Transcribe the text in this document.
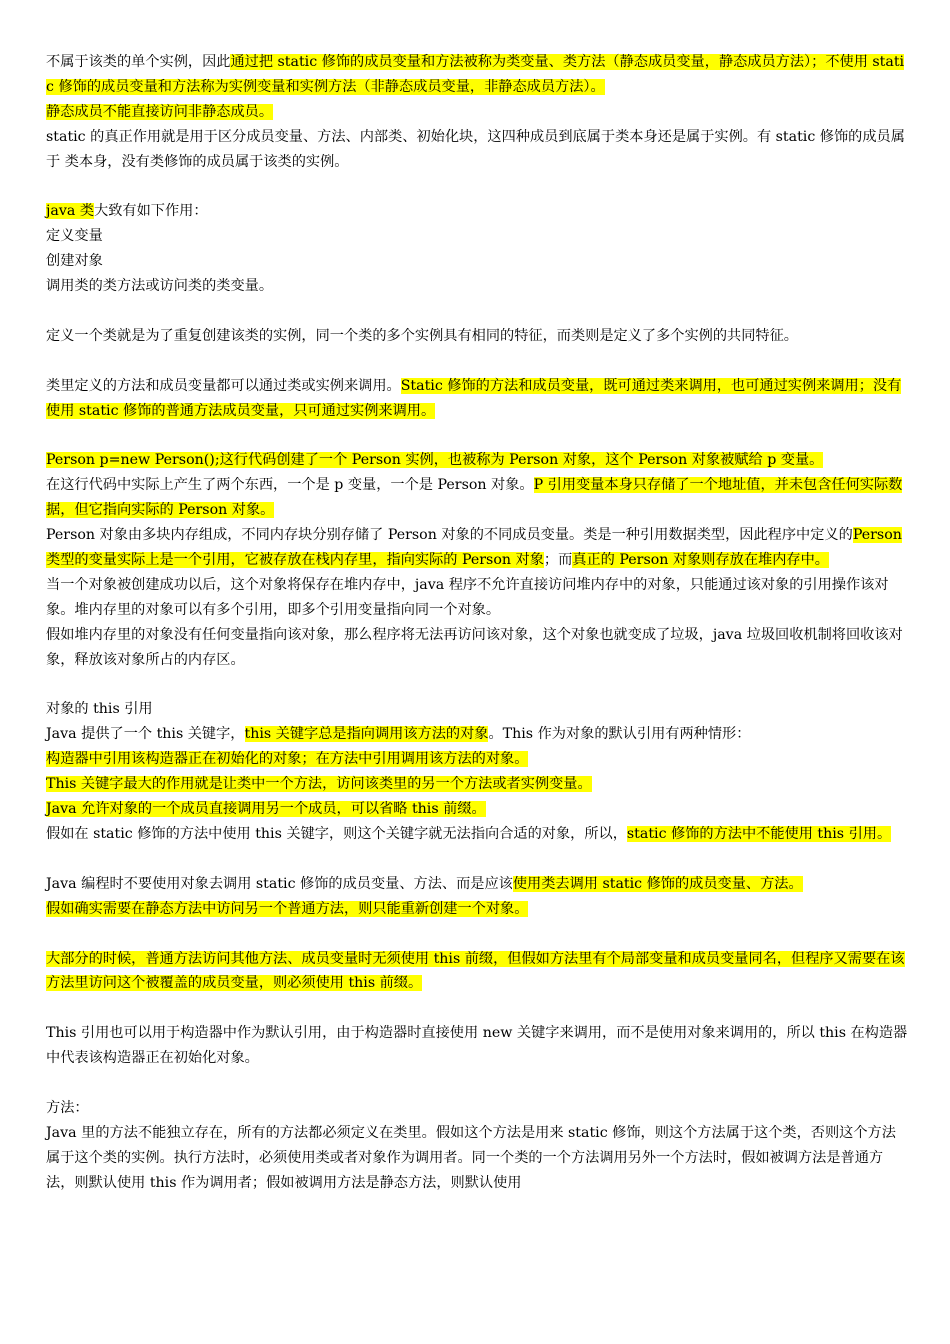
不属于该类的单个实例，因此通过把 static 修饰的成员变量和方法被称为类变量、类方法（静态成员变量，静态成员方法）；不使用 static 修饰的成员变量和方法称为实例变量和实例方法（非静态成员变量，非静态成员方法）。
静态成员不能直接访问非静态成员。
static 的真正作用就是用于区分成员变量、方法、内部类、初始化块，这四种成员到底属于类本身还是属于实例。有 static 修饰的成员属于 类本身，没有类修饰的成员属于该类的实例。
java 类大致有如下作用：
定义变量
创建对象
调用类的类方法或访问类的类变量。
定义一个类就是为了重复创建该类的实例，同一个类的多个实例具有相同的特征，而类则是定义了多个实例的共同特征。
类里定义的方法和成员变量都可以通过类或实例来调用。Static 修饰的方法和成员变量，既可通过类来调用，也可通过实例来调用；没有使用 static 修饰的普通方法成员变量，只可通过实例来调用。
Person p=new Person();这行代码创建了一个 Person 实例，也被称为 Person 对象，这个 Person 对象被赋给 p 变量。
在这行代码中实际上产生了两个东西，一个是 p 变量，一个是 Person 对象。P 引用变量本身只存储了一个地址值，并未包含任何实际数据，但它指向实际的 Person 对象。
Person 对象由多块内存组成，不同内存块分别存储了 Person 对象的不同成员变量。类是一种引用数据类型，因此程序中定义的Person 类型的变量实际上是一个引用，它被存放在栈内存里，指向实际的 Person 对象；而真正的 Person 对象则存放在堆内存中。
当一个对象被创建成功以后，这个对象将保存在堆内存中，java 程序不允许直接访问堆内存中的对象，只能通过该对象的引用操作该对象。堆内存里的对象可以有多个引用，即多个引用变量指向同一个对象。
假如堆内存里的对象没有任何变量指向该对象，那么程序将无法再访问该对象，这个对象也就变成了垃圾，java 垃圾回收机制将回收该对象，释放该对象所占的内存区。
对象的 this 引用
Java 提供了一个 this 关键字，this 关键字总是指向调用该方法的对象。This 作为对象的默认引用有两种情形：
构造器中引用该构造器正在初始化的对象；在方法中引用调用该方法的对象。
This 关键字最大的作用就是让类中一个方法，访问该类里的另一个方法或者实例变量。
Java 允许对象的一个成员直接调用另一个成员，可以省略 this 前缀。
假如在 static 修饰的方法中使用 this 关键字，则这个关键字就无法指向合适的对象，所以，static 修饰的方法中不能使用 this 引用。
Java 编程时不要使用对象去调用 static 修饰的成员变量、方法、而是应该使用类去调用 static 修饰的成员变量、方法。
假如确实需要在静态方法中访问另一个普通方法，则只能重新创建一个对象。
大部分的时候，普通方法访问其他方法、成员变量时无须使用 this 前缀，但假如方法里有个局部变量和成员变量同名，但程序又需要在该方法里访问这个被覆盖的成员变量，则必须使用 this 前缀。
This 引用也可以用于构造器中作为默认引用，由于构造器时直接使用 new 关键字来调用，而不是使用对象来调用的，所以 this 在构造器中代表该构造器正在初始化对象。
方法：
Java 里的方法不能独立存在，所有的方法都必须定义在类里。假如这个方法是用来 static 修饰，则这个方法属于这个类，否则这个方法属于这个类的实例。执行方法时，必须使用类或者对象作为调用者。同一个类的一个方法调用另外一个方法时，假如被调方法是普通方法，则默认使用 this 作为调用者；假如被调用方法是静态方法，则默认使用
